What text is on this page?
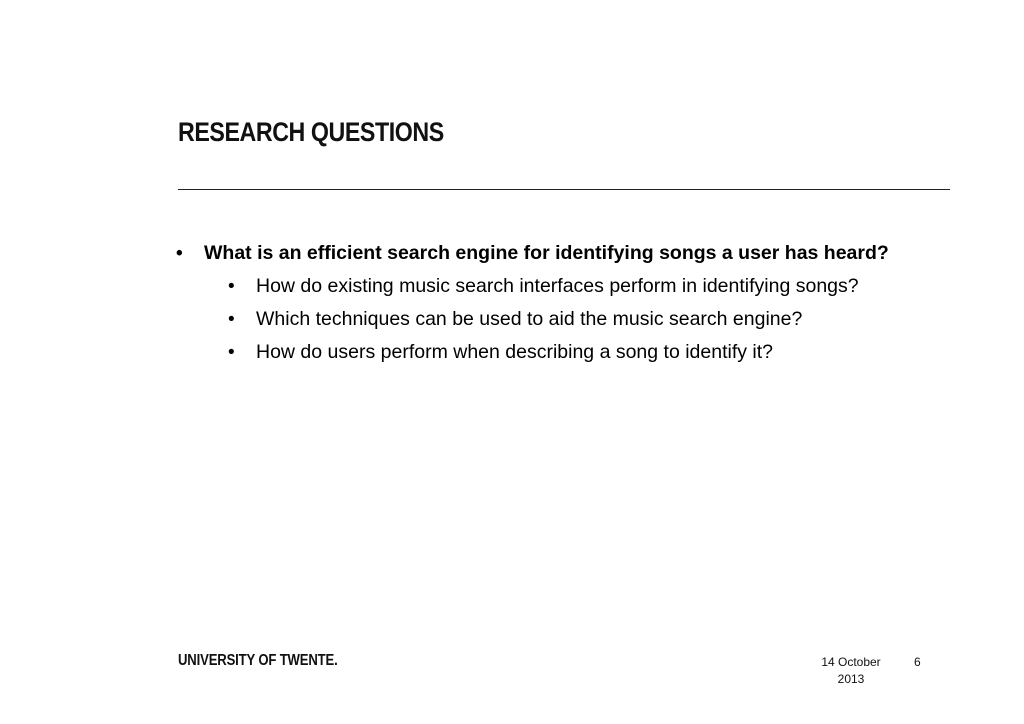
RESEARCH QUESTIONS
• What is an efficient search engine for identifying songs a user has heard?
• How do existing music search interfaces perform in identifying songs?
• Which techniques can be used to aid the music search engine?
• How do users perform when describing a song to identify it?
UNIVERSITY OF TWENTE.	14 October
2013
6
